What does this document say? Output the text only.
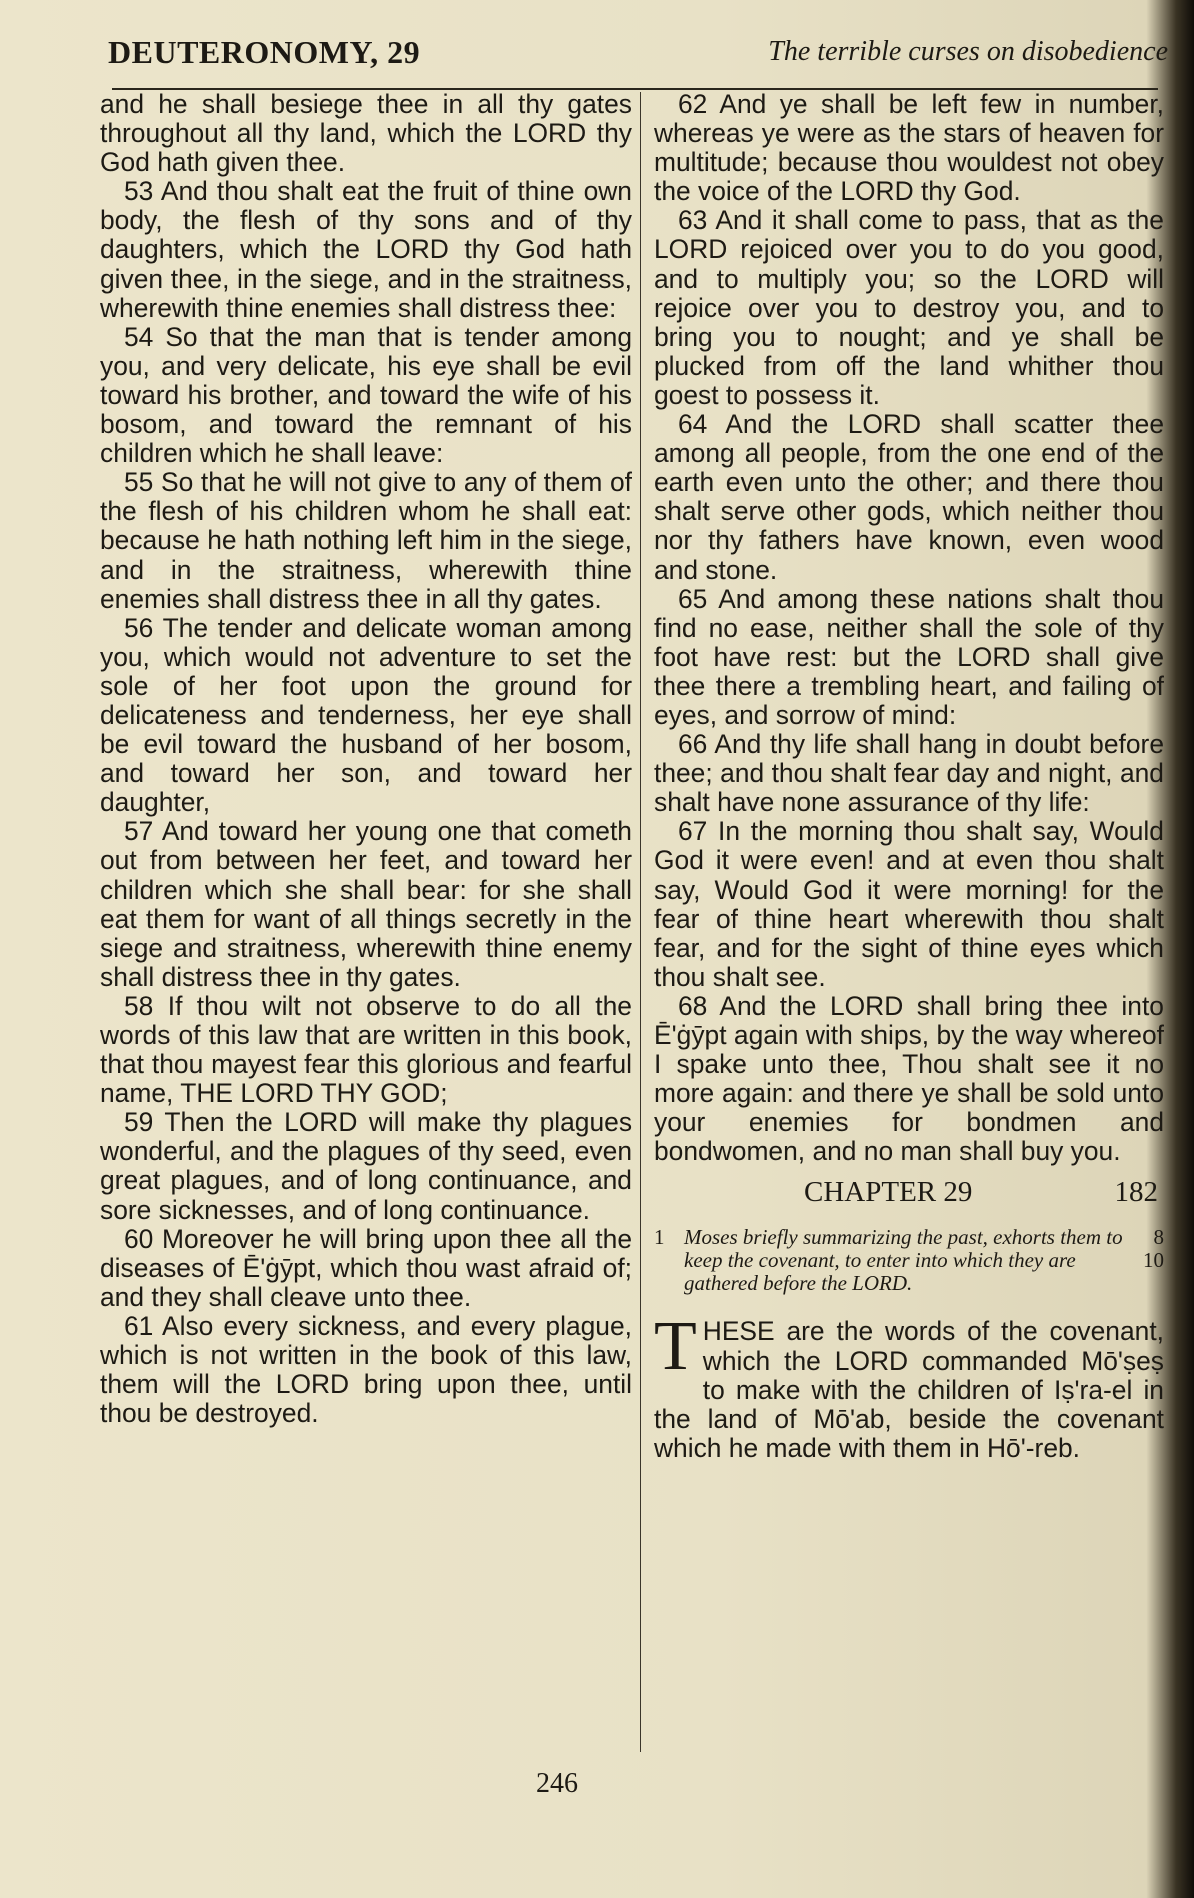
DEUTERONOMY, 29	The terrible curses on disobedience

and he shall besiege thee in all thy gates throughout all thy land, which the LORD thy God hath given thee.

53 And thou shalt eat the fruit of thine own body, the flesh of thy sons and of thy daughters, which the LORD thy God hath given thee, in the siege, and in the straitness, wherewith thine enemies shall distress thee:

54 So that the man that is tender among you, and very delicate, his eye shall be evil toward his brother, and toward the wife of his bosom, and toward the remnant of his children which he shall leave:

55 So that he will not give to any of them of the flesh of his children whom he shall eat: because he hath nothing left him in the siege, and in the straitness, wherewith thine enemies shall distress thee in all thy gates.

56 The tender and delicate woman among you, which would not adventure to set the sole of her foot upon the ground for delicateness and tenderness, her eye shall be evil toward the husband of her bosom, and toward her son, and toward her daughter,

57 And toward her young one that cometh out from between her feet, and toward her children which she shall bear: for she shall eat them for want of all things secretly in the siege and straitness, wherewith thine enemy shall distress thee in thy gates.

58 If thou wilt not observe to do all the words of this law that are written in this book, that thou mayest fear this glorious and fearful name, THE LORD THY GOD;

59 Then the LORD will make thy plagues wonderful, and the plagues of thy seed, even great plagues, and of long continuance, and sore sicknesses, and of long continuance.

60 Moreover he will bring upon thee all the diseases of Ē'ġȳpt, which thou wast afraid of; and they shall cleave unto thee.

61 Also every sickness, and every plague, which is not written in the book of this law, them will the LORD bring upon thee, until thou be destroyed.

62 And ye shall be left few in number, whereas ye were as the stars of heaven for multitude; because thou wouldest not obey the voice of the LORD thy God.

63 And it shall come to pass, that as the LORD rejoiced over you to do you good, and to multiply you; so the LORD will rejoice over you to destroy you, and to bring you to nought; and ye shall be plucked from off the land whither thou goest to possess it.

64 And the LORD shall scatter thee among all people, from the one end of the earth even unto the other; and there thou shalt serve other gods, which neither thou nor thy fathers have known, even wood and stone.

65 And among these nations shalt thou find no ease, neither shall the sole of thy foot have rest: but the LORD shall give thee there a trembling heart, and failing of eyes, and sorrow of mind:

66 And thy life shall hang in doubt before thee; and thou shalt fear day and night, and shalt have none assurance of thy life:

67 In the morning thou shalt say, Would God it were even! and at even thou shalt say, Would God it were morning! for the fear of thine heart wherewith thou shalt fear, and for the sight of thine eyes which thou shalt see.

68 And the LORD shall bring thee into Ē'ġȳpt again with ships, by the way whereof I spake unto thee, Thou shalt see it no more again: and there ye shall be sold unto your enemies for bondmen and bondwomen, and no man shall buy you.

CHAPTER 29	182
1 Moses briefly summarizing the past, exhorts them to keep the covenant, to enter into which they are gathered before the LORD.
8
10
T HESE are the words of the covenant, which the LORD commanded Mō'ṣeṣ to make with the children of Iṣ'ra-el in the land of Mō'ab, beside the covenant which he made with them in Hō'-reb.

246
